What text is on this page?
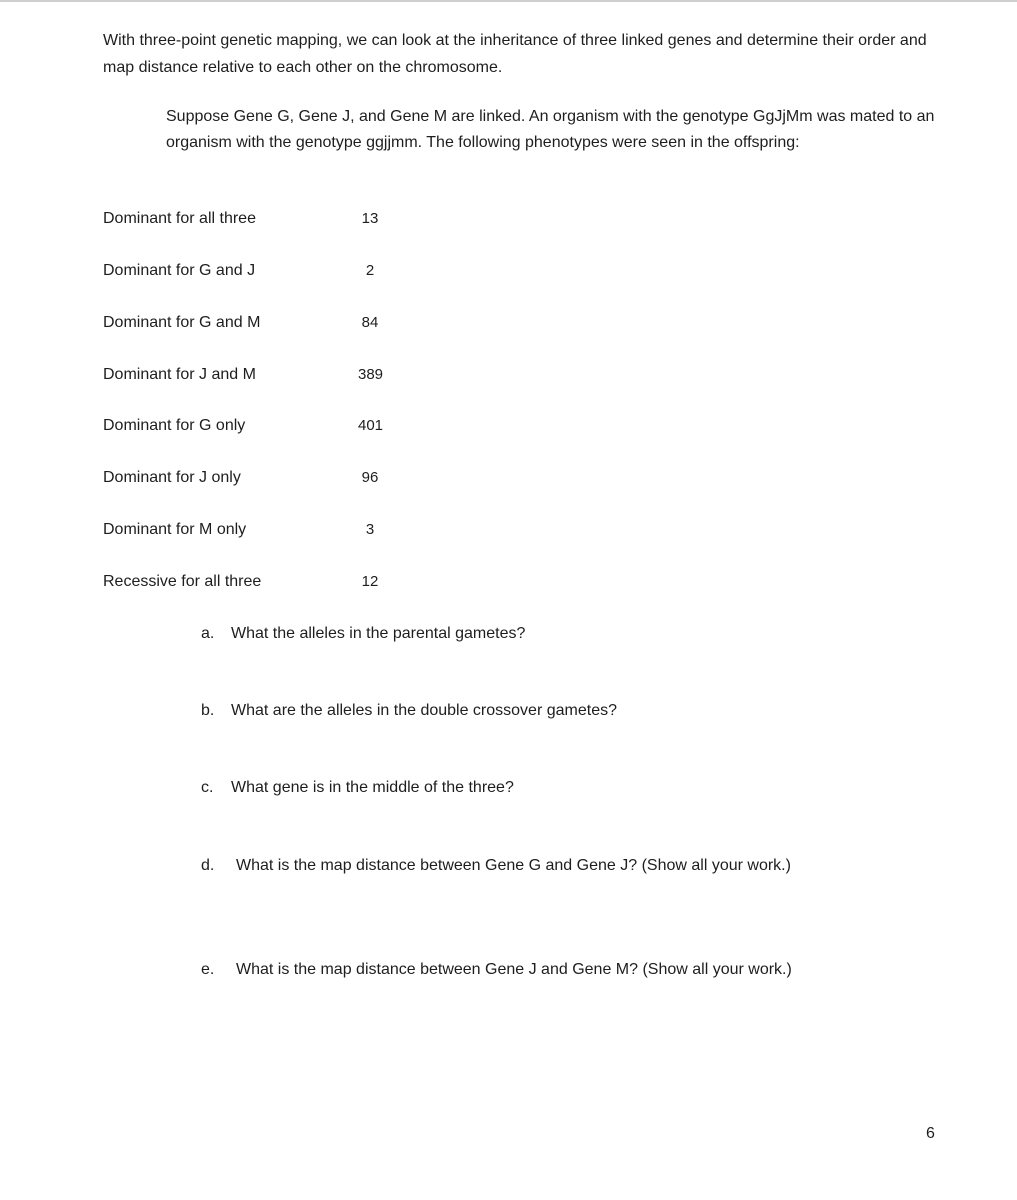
With three-point genetic mapping, we can look at the inheritance of three linked genes and determine their order and map distance relative to each other on the chromosome.

Suppose Gene G, Gene J, and Gene M are linked. An organism with the genotype GgJjMm was mated to an organism with the genotype ggjjmm. The following phenotypes were seen in the offspring:

Dominant for all three	13
Dominant for G and J	2
Dominant for G and M	84
Dominant for J and M	389
Dominant for G only	401
Dominant for J only	96
Dominant for M only	3
Recessive for all three	12
a. What the alleles in the parental gametes?
b. What are the alleles in the double crossover gametes?
c. What gene is in the middle of the three?
d. What is the map distance between Gene G and Gene J? (Show all your work.)
e. What is the map distance between Gene J and Gene M? (Show all your work.)
6
